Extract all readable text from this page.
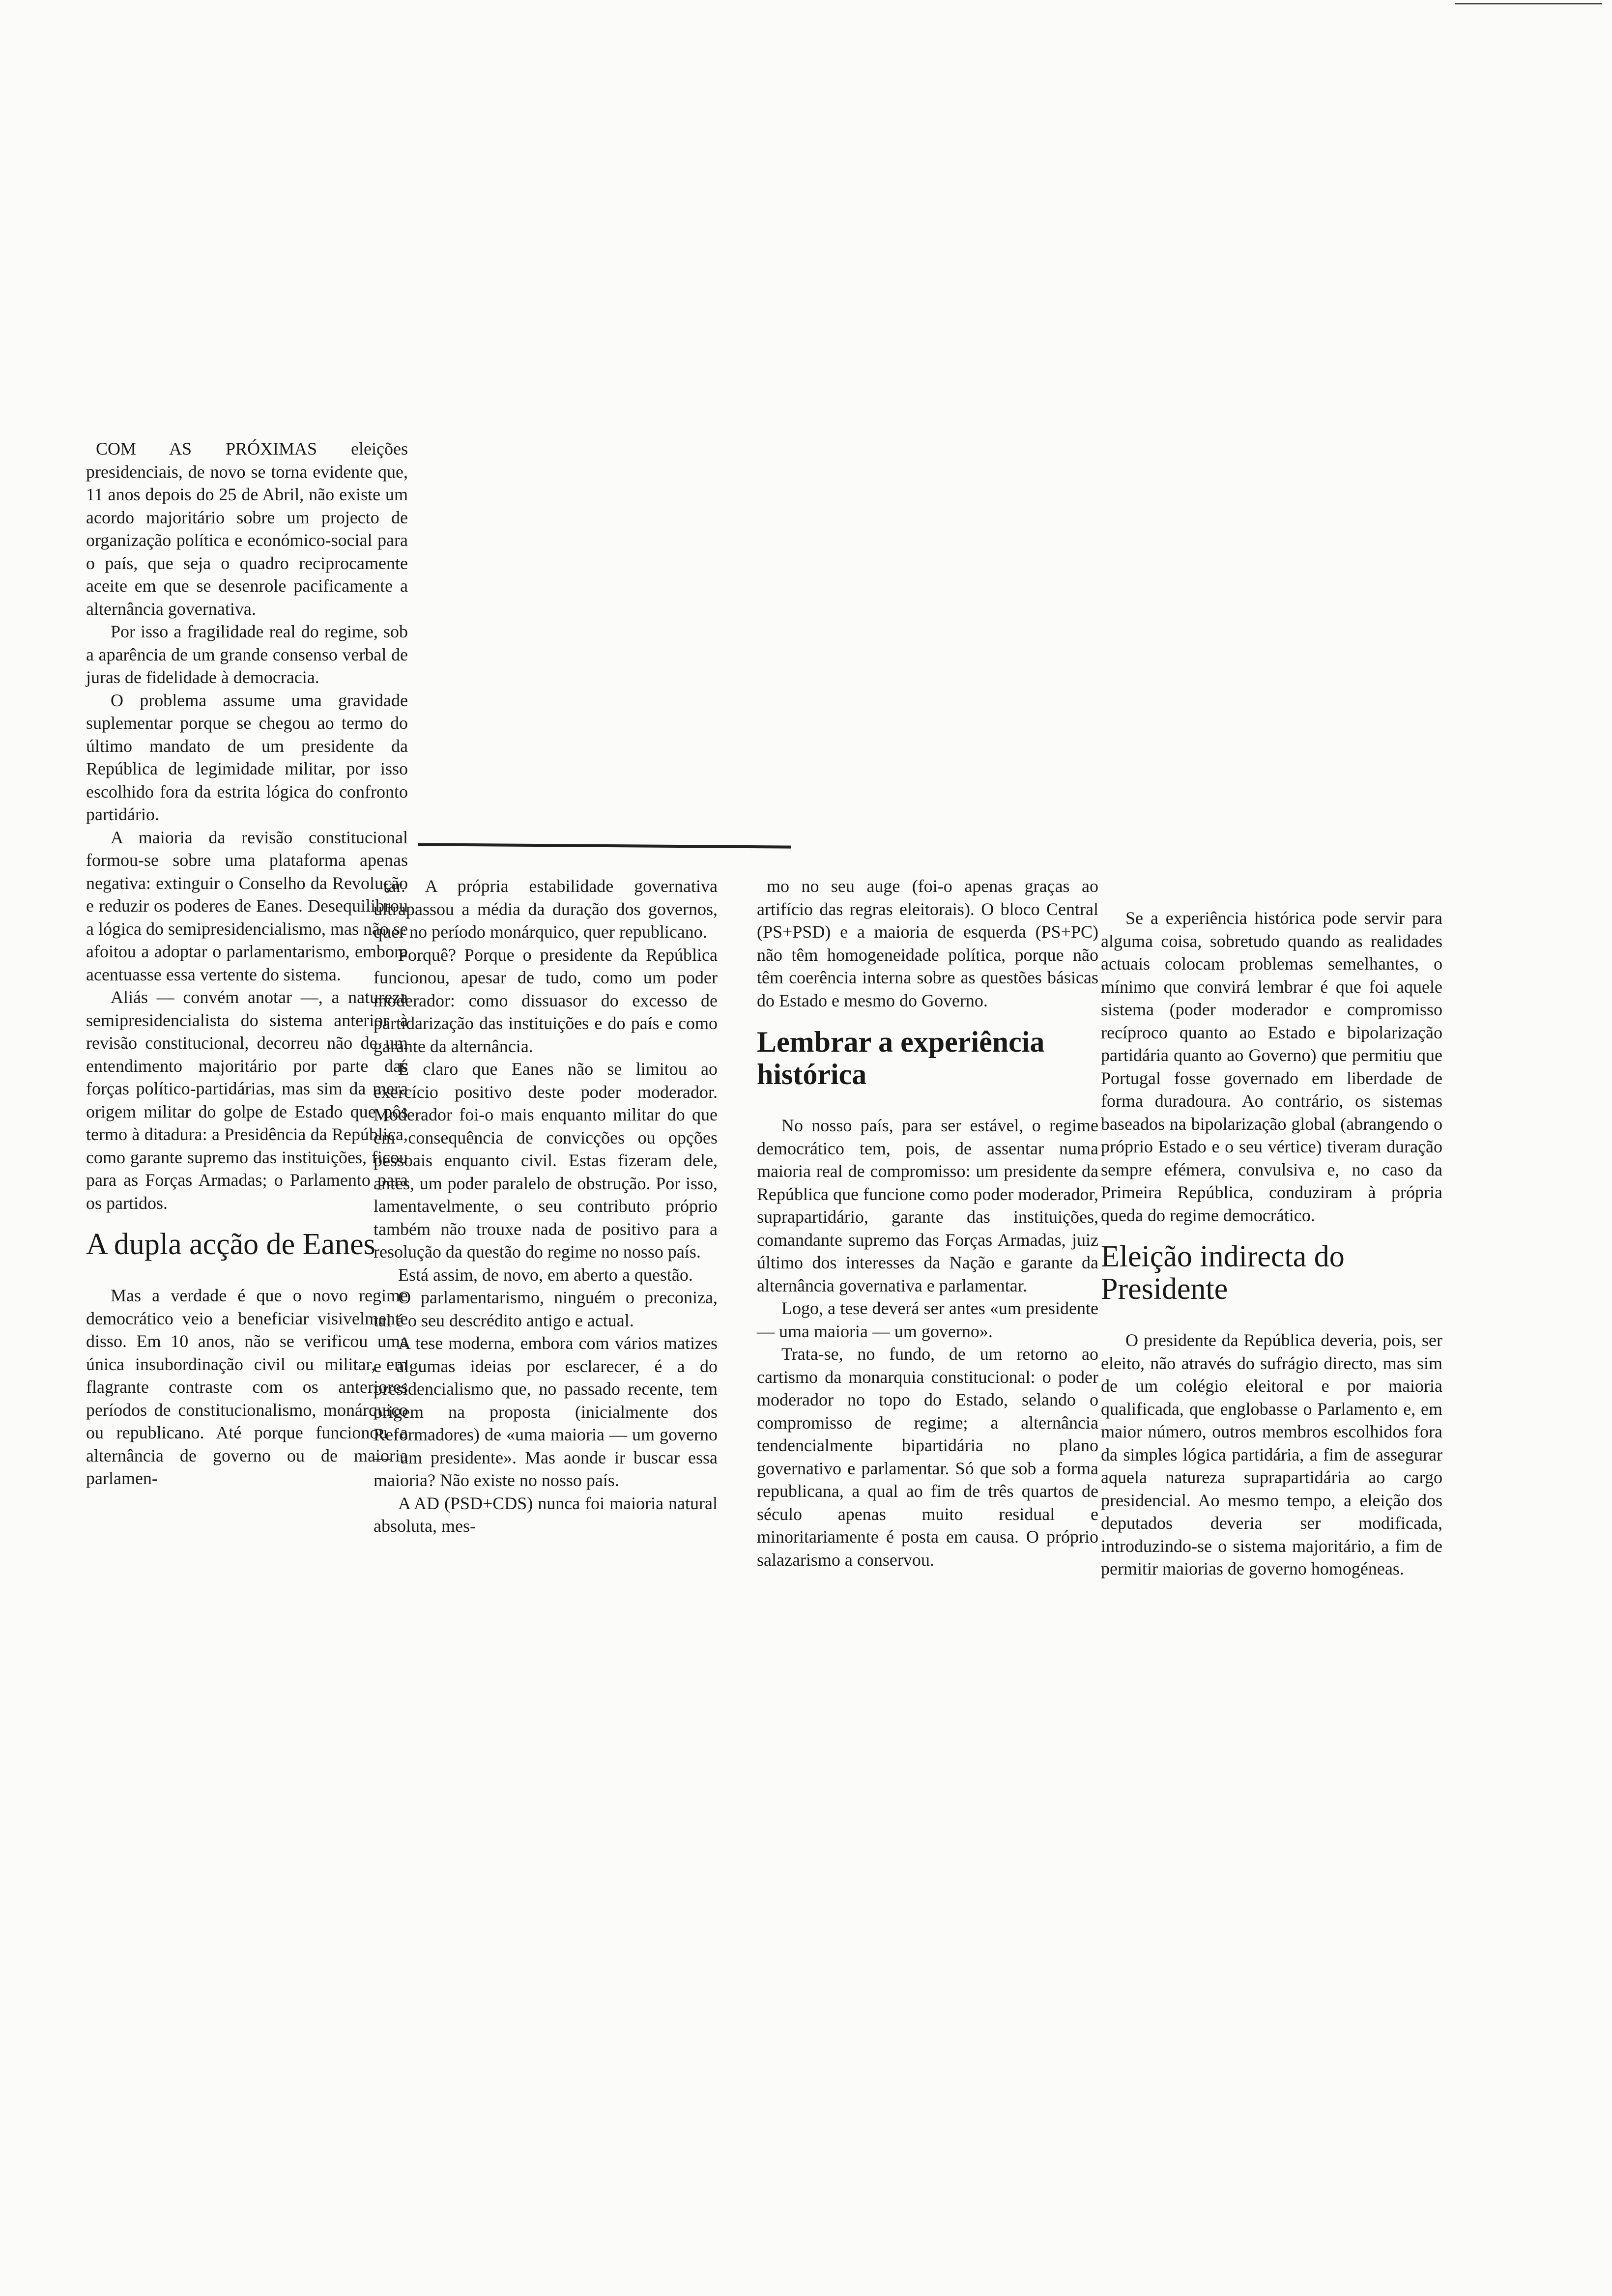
COM AS PRÓXIMAS eleições presidenciais, de novo se torna evidente que, 11 anos depois do 25 de Abril, não existe um acordo majoritário sobre um projecto de organização política e económico-social para o país, que seja o quadro reciprocamente aceite em que se desenrole pacificamente a alternância governativa.

Por isso a fragilidade real do regime, sob a aparência de um grande consenso verbal de juras de fidelidade à democracia.

O problema assume uma gravidade suplementar porque se chegou ao termo do último mandato de um presidente da República de legimidade militar, por isso escolhido fora da estrita lógica do confronto partidário.

A maioria da revisão constitucional formou-se sobre uma plataforma apenas negativa: extinguir o Conselho da Revolução e reduzir os poderes de Eanes. Desequilibrou a lógica do semipresidencialismo, mas não se afoitou a adoptar o parlamentarismo, embora acentuasse essa vertente do sistema.

Aliás — convém anotar —, a natureza semipresidencialista do sistema anterior à revisão constitucional, decorreu não de um entendimento majoritário por parte das forças político-partidárias, mas sim da mera origem militar do golpe de Estado que pôs termo à ditadura: a Presidência da República, como garante supremo das instituições, ficou para as Forças Armadas; o Parlamento para os partidos.

A dupla acção de Eanes

Mas a verdade é que o novo regime democrático veio a beneficiar visivelmente disso. Em 10 anos, não se verificou uma única insubordinação civil ou militar, em flagrante contraste com os anteriores períodos de constitucionalismo, monárquico ou republicano. Até porque funcionou a alternância de governo ou de maioria parlamen-

tar. A própria estabilidade governativa ultrapassou a média da duração dos governos, quer no período monárquico, quer republicano.

Porquê? Porque o presidente da República funcionou, apesar de tudo, como um poder moderador: como dissuasor do excesso de partidarização das instituições e do país e como garante da alternância.

É claro que Eanes não se limitou ao exercício positivo deste poder moderador. Moderador foi-o mais enquanto militar do que em consequência de convicções ou opções pessoais enquanto civil. Estas fizeram dele, antes, um poder paralelo de obstrução. Por isso, lamentavelmente, o seu contributo próprio também não trouxe nada de positivo para a resolução da questão do regime no nosso país.

Está assim, de novo, em aberto a questão.

O parlamentarismo, ninguém o preconiza, tal é o seu descrédito antigo e actual.

A tese moderna, embora com vários matizes e algumas ideias por esclarecer, é a do presidencialismo que, no passado recente, tem origem na proposta (inicialmente dos Reformadores) de «uma maioria — um governo — um presidente». Mas aonde ir buscar essa maioria? Não existe no nosso país.

A AD (PSD+CDS) nunca foi maioria natural absoluta, mes-

mo no seu auge (foi-o apenas graças ao artifício das regras eleitorais). O bloco Central (PS+PSD) e a maioria de esquerda (PS+PC) não têm homogeneidade política, porque não têm coerência interna sobre as questões básicas do Estado e mesmo do Governo.

Lembrar a experiência histórica

No nosso país, para ser estável, o regime democrático tem, pois, de assentar numa maioria real de compromisso: um presidente da República que funcione como poder moderador, suprapartidário, garante das instituições, comandante supremo das Forças Armadas, juiz último dos interesses da Nação e garante da alternância governativa e parlamentar.

Logo, a tese deverá ser antes «um presidente — uma maioria — um governo».

Trata-se, no fundo, de um retorno ao cartismo da monarquia constitucional: o poder moderador no topo do Estado, selando o compromisso de regime; a alternância tendencialmente bipartidária no plano governativo e parlamentar. Só que sob a forma republicana, a qual ao fim de três quartos de século apenas muito residual e minoritariamente é posta em causa. O próprio salazarismo a conservou.

Se a experiência histórica pode servir para alguma coisa, sobretudo quando as realidades actuais colocam problemas semelhantes, o mínimo que convirá lembrar é que foi aquele sistema (poder moderador e compromisso recíproco quanto ao Estado e bipolarização partidária quanto ao Governo) que permitiu que Portugal fosse governado em liberdade de forma duradoura. Ao contrário, os sistemas baseados na bipolarização global (abrangendo o próprio Estado e o seu vértice) tiveram duração sempre efémera, convulsiva e, no caso da Primeira República, conduziram à própria queda do regime democrático.

Eleição indirecta do Presidente

O presidente da República deveria, pois, ser eleito, não através do sufrágio directo, mas sim de um colégio eleitoral e por maioria qualificada, que englobasse o Parlamento e, em maior número, outros membros escolhidos fora da simples lógica partidária, a fim de assegurar aquela natureza suprapartidária ao cargo presidencial. Ao mesmo tempo, a eleição dos deputados deveria ser modificada, introduzindo-se o sistema majoritário, a fim de permitir maiorias de governo homogéneas.
